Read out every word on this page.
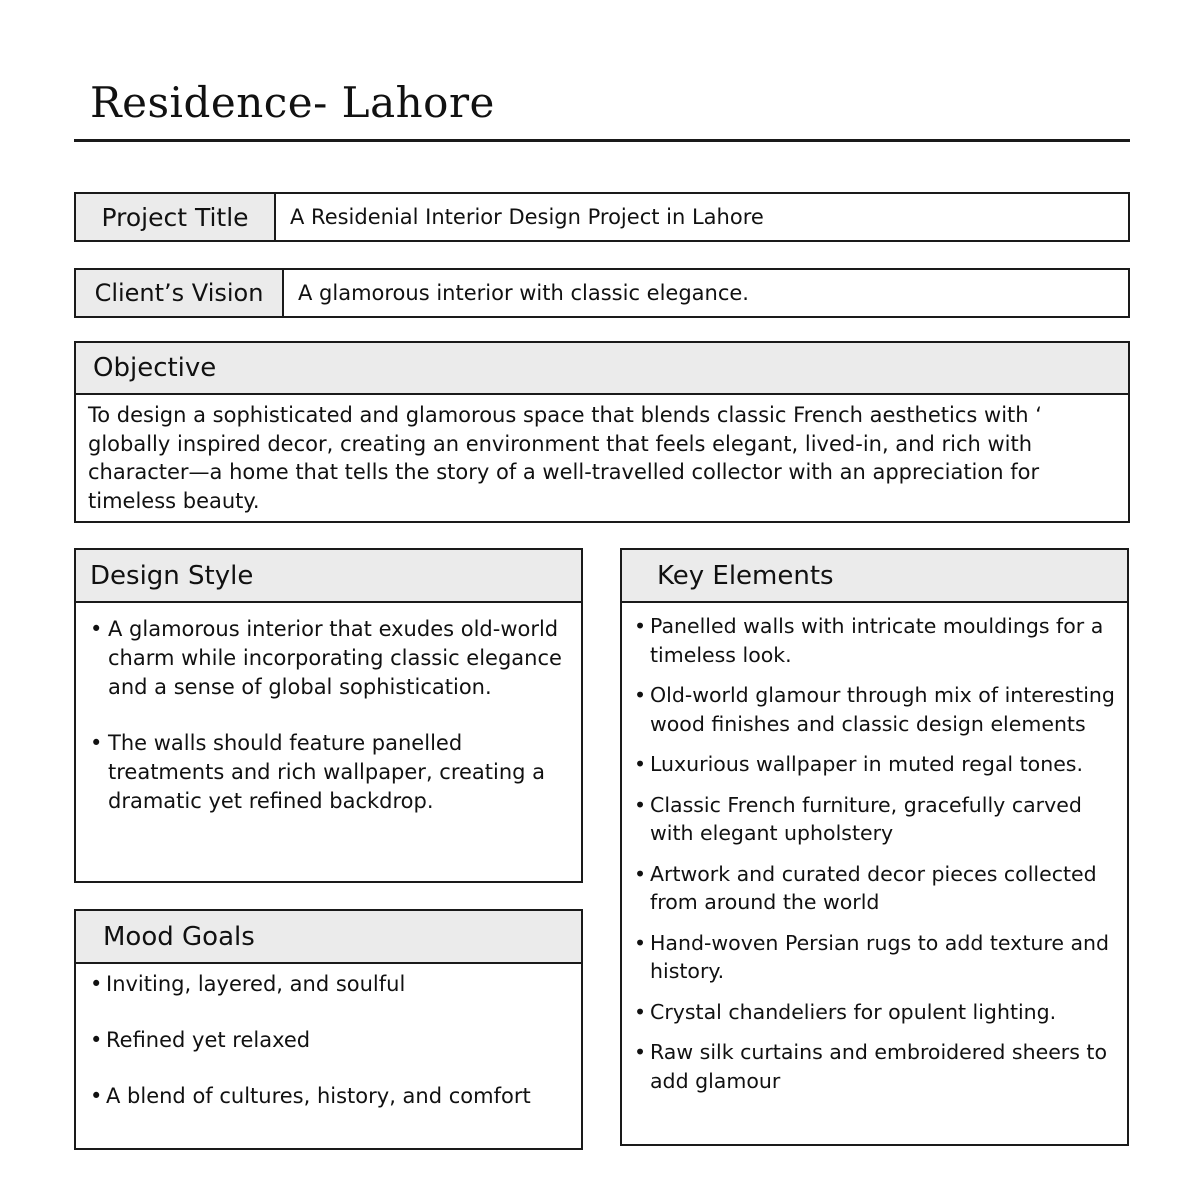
Residence- Lahore
Project Title	A Residenial Interior Design Project in Lahore
Client’s Vision	A glamorous interior with classic elegance.
Objective
To design a sophisticated and glamorous space that blends classic French aesthetics with ‘ globally inspired decor, creating an environment that feels elegant, lived-in, and rich with character—a home that tells the story of a well-travelled collector with an appreciation for timeless beauty.
Design Style
• A glamorous interior that exudes old-world charm while incorporating classic elegance and a sense of global sophistication.
• The walls should feature panelled treatments and rich wallpaper, creating a dramatic yet refined backdrop.
Mood Goals
• Inviting, layered, and soulful
• Refined yet relaxed
• A blend of cultures, history, and comfort
Key Elements
• Panelled walls with intricate mouldings for a timeless look.
• Old-world glamour through mix of interesting wood finishes and classic design elements
• Luxurious wallpaper in muted regal tones.
• Classic French furniture, gracefully carved with elegant upholstery
• Artwork and curated decor pieces collected from around the world
• Hand-woven Persian rugs to add texture and history.
• Crystal chandeliers for opulent lighting.
• Raw silk curtains and embroidered sheers to add glamour
